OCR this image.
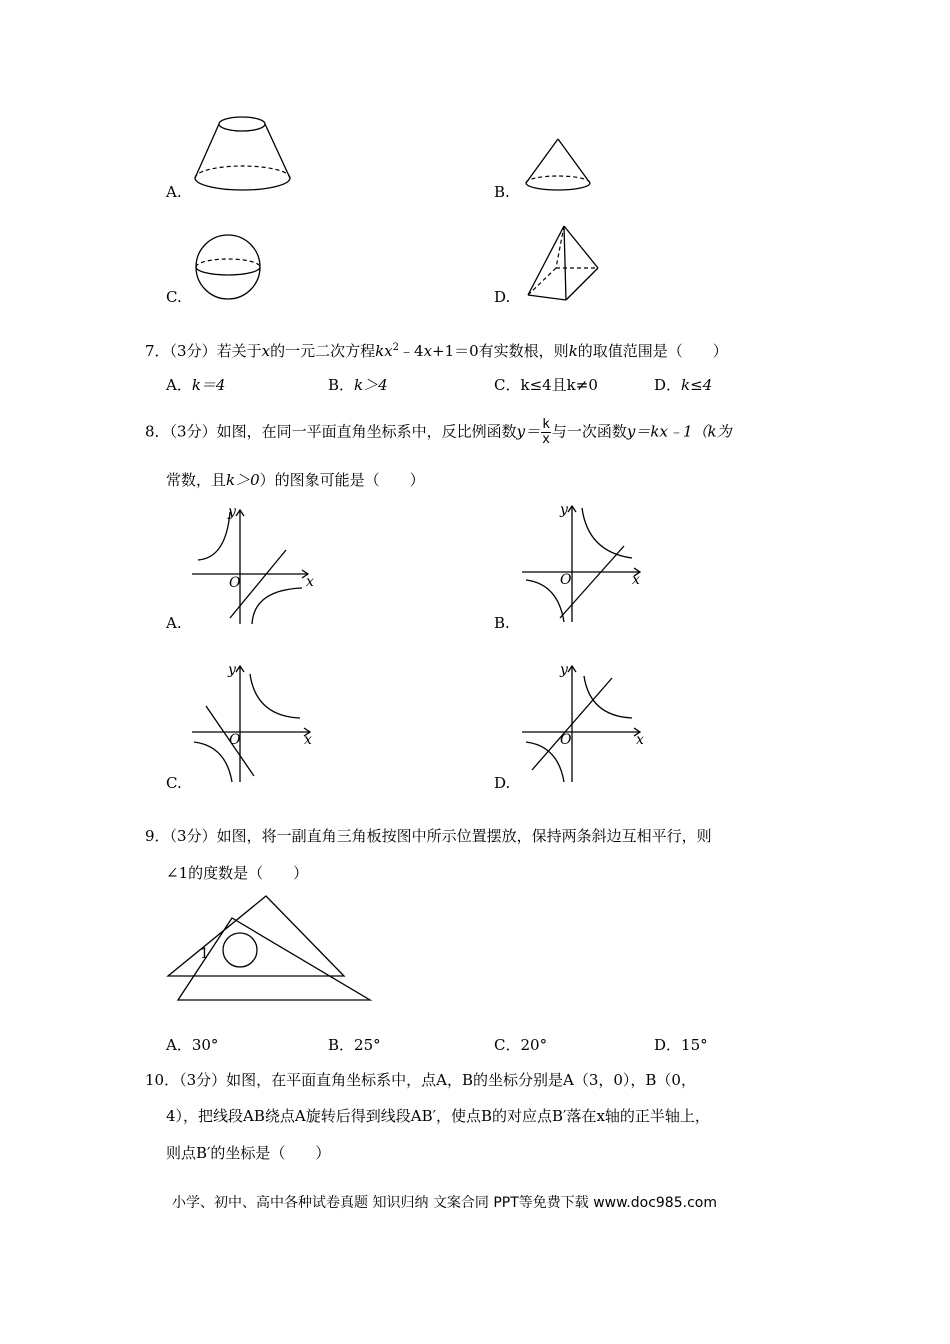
A.	B.
C.	D.
7．（3分）若关于x的一元二次方程$kx^2﹣4x+1=0$有实数根，则k的取值范围是（　　）
A．k＝4	B．k＞4	C．k≤4且k≠0	D．k≤4
8．（3分）如图，在同一平面直角坐标系中，反比例函数$y= \frac{k}{x}$ 与一次函数y＝kx﹣1（k为
常数，且k＞0）的图象可能是（　　）
A.
y
x
O
B.
y
x
O
C.
y
x
O
D.
y
x
O
9．（3分）如图，将一副直角三角板按图中所示位置摆放，保持两条斜边互相平行，则
∠1的度数是（　　）
1
A．30°	B．25°	C．20°	D．15°
10．（3分）如图，在平面直角坐标系中，点A，B的坐标分别是A（3，0），B（0，
4），把线段AB绕点A旋转后得到线段AB′，使点B的对应点B′落在x轴的正半轴上，
则点B′的坐标是（　　）
小学、初中、高中各种试卷真题 知识归纳 文案合同 PPT等免费下载 www.doc985.com
